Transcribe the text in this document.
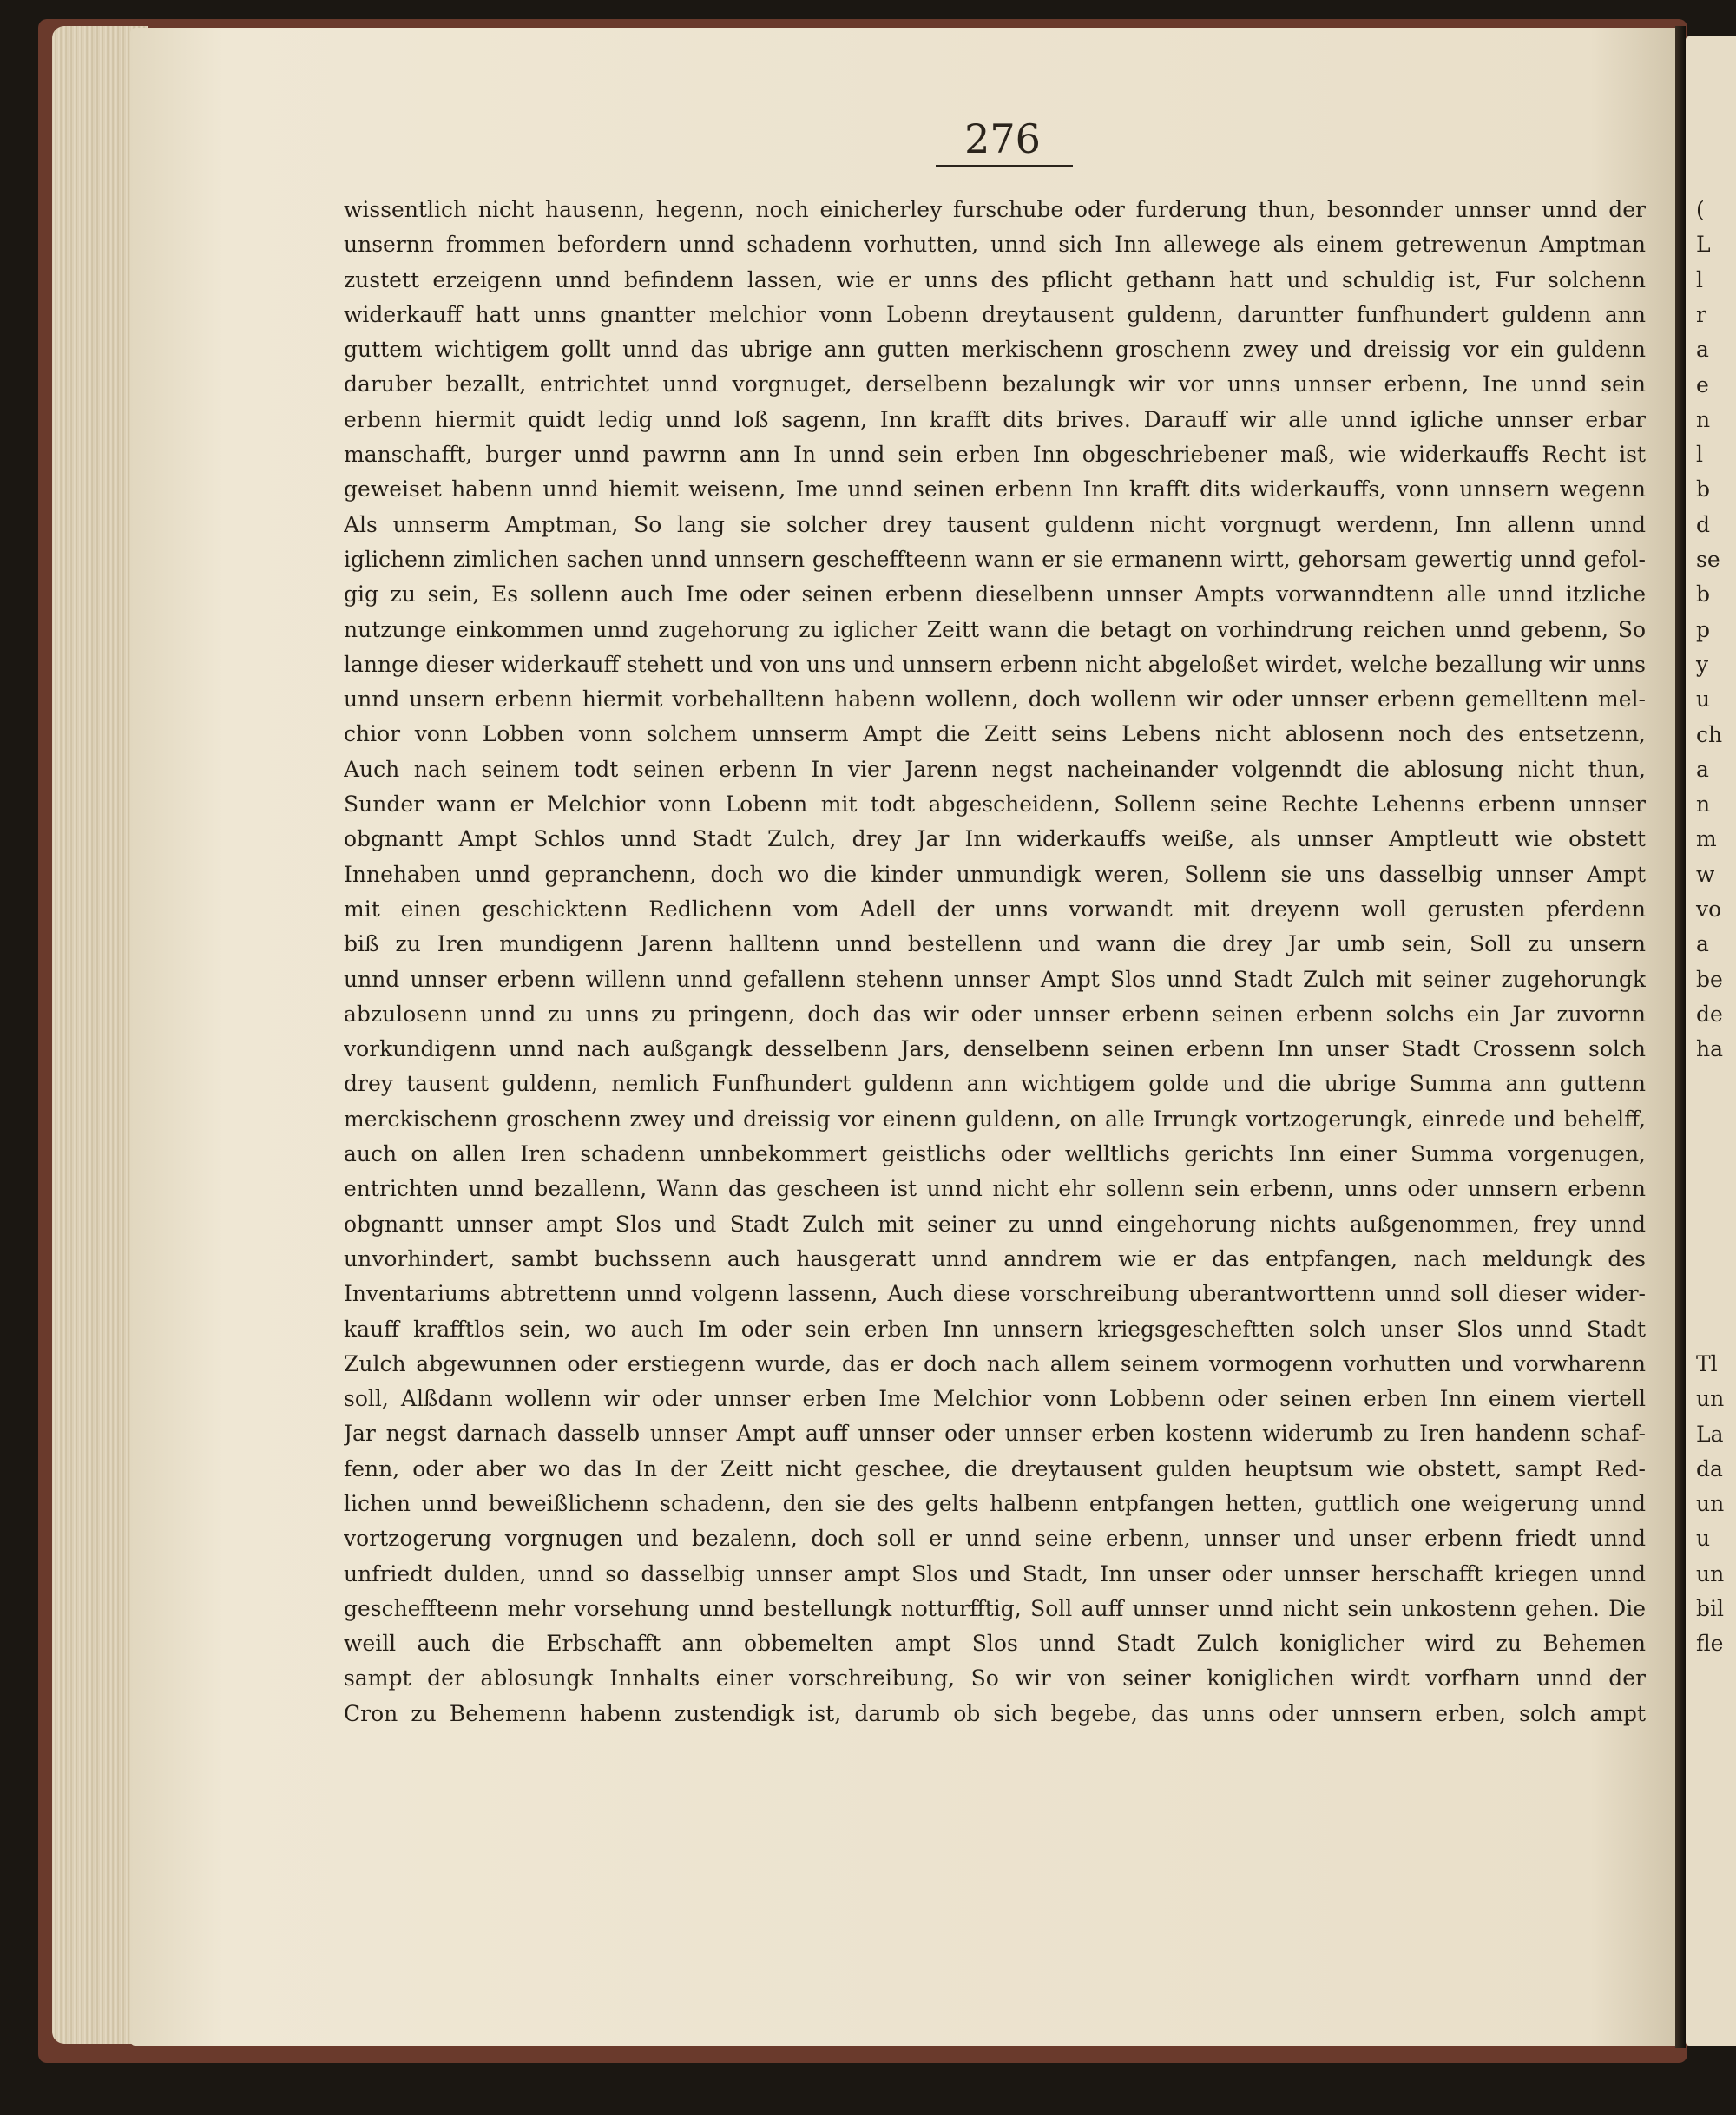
276
wissentlich nicht hausenn, hegenn, noch einicherley furschube oder furderung thun, besonnder unnser unnd der
unsernn frommen befordern unnd schadenn vorhutten, unnd sich Inn allewege als einem getrewenun Amptman
zustett erzeigenn unnd befindenn lassen, wie er unns des pflicht gethann hatt und schuldig ist, Fur solchenn
widerkauff hatt unns gnantter melchior vonn Lobenn dreytausent guldenn, daruntter funfhundert guldenn ann
guttem wichtigem gollt unnd das ubrige ann gutten merkischenn groschenn zwey und dreissig vor ein guldenn
daruber bezallt, entrichtet unnd vorgnuget, derselbenn bezalungk wir vor unns unnser erbenn, Ine unnd sein
erbenn hiermit quidt ledig unnd loß sagenn, Inn krafft dits brives. Darauff wir alle unnd igliche unnser erbar
manschafft, burger unnd pawrnn ann In unnd sein erben Inn obgeschriebener maß, wie widerkauffs Recht ist
geweiset habenn unnd hiemit weisenn, Ime unnd seinen erbenn Inn krafft dits widerkauffs, vonn unnsern wegenn
Als unnserm Amptman, So lang sie solcher drey tausent guldenn nicht vorgnugt werdenn, Inn allenn unnd
iglichenn zimlichen sachen unnd unnsern gescheffteenn wann er sie ermanenn wirtt, gehorsam gewertig unnd gefol-
gig zu sein, Es sollenn auch Ime oder seinen erbenn dieselbenn unnser Ampts vorwanndtenn alle unnd itzliche
nutzunge einkommen unnd zugehorung zu iglicher Zeitt wann die betagt on vorhindrung reichen unnd gebenn, So
lannge dieser widerkauff stehett und von uns und unnsern erbenn nicht abgeloßet wirdet, welche bezallung wir unns
unnd unsern erbenn hiermit vorbehalltenn habenn wollenn, doch wollenn wir oder unnser erbenn gemelltenn mel-
chior vonn Lobben vonn solchem unnserm Ampt die Zeitt seins Lebens nicht ablosenn noch des entsetzenn,
Auch nach seinem todt seinen erbenn In vier Jarenn negst nacheinander volgenndt die ablosung nicht thun,
Sunder wann er Melchior vonn Lobenn mit todt abgescheidenn, Sollenn seine Rechte Lehenns erbenn unnser
obgnantt Ampt Schlos unnd Stadt Zulch, drey Jar Inn widerkauffs weiße, als unnser Amptleutt wie obstett
Innehaben unnd gepranchenn, doch wo die kinder unmundigk weren, Sollenn sie uns dasselbig unnser Ampt
mit einen geschicktenn Redlichenn vom Adell der unns vorwandt mit dreyenn woll gerusten pferdenn
biß zu Iren mundigenn Jarenn halltenn unnd bestellenn und wann die drey Jar umb sein, Soll zu unsern
unnd unnser erbenn willenn unnd gefallenn stehenn unnser Ampt Slos unnd Stadt Zulch mit seiner zugehorungk
abzulosenn unnd zu unns zu pringenn, doch das wir oder unnser erbenn seinen erbenn solchs ein Jar zuvornn
vorkundigenn unnd nach außgangk desselbenn Jars, denselbenn seinen erbenn Inn unser Stadt Crossenn solch
drey tausent guldenn, nemlich Funfhundert guldenn ann wichtigem golde und die ubrige Summa ann guttenn
merckischenn groschenn zwey und dreissig vor einenn guldenn, on alle Irrungk vortzogerungk, einrede und behelff,
auch on allen Iren schadenn unnbekommert geistlichs oder welltlichs gerichts Inn einer Summa vorgenugen,
entrichten unnd bezallenn, Wann das gescheen ist unnd nicht ehr sollenn sein erbenn, unns oder unnsern erbenn
obgnantt unnser ampt Slos und Stadt Zulch mit seiner zu unnd eingehorung nichts außgenommen, frey unnd
unvorhindert, sambt buchssenn auch hausgeratt unnd anndrem wie er das entpfangen, nach meldungk des
Inventariums abtrettenn unnd volgenn lassenn, Auch diese vorschreibung uberantworttenn unnd soll dieser wider-
kauff krafftlos sein, wo auch Im oder sein erben Inn unnsern kriegsgescheftten solch unser Slos unnd Stadt
Zulch abgewunnen oder erstiegenn wurde, das er doch nach allem seinem vormogenn vorhutten und vorwharenn
soll, Alßdann wollenn wir oder unnser erben Ime Melchior vonn Lobbenn oder seinen erben Inn einem viertell
Jar negst darnach dasselb unnser Ampt auff unnser oder unnser erben kostenn widerumb zu Iren handenn schaf-
fenn, oder aber wo das In der Zeitt nicht geschee, die dreytausent gulden heuptsum wie obstett, sampt Red-
lichen unnd beweißlichenn schadenn, den sie des gelts halbenn entpfangen hetten, guttlich one weigerung unnd
vortzogerung vorgnugen und bezalenn, doch soll er unnd seine erbenn, unnser und unser erbenn friedt unnd
unfriedt dulden, unnd so dasselbig unnser ampt Slos und Stadt, Inn unser oder unnser herschafft kriegen unnd
gescheffteenn mehr vorsehung unnd bestellungk notturfftig, Soll auff unnser unnd nicht sein unkostenn gehen. Die
weill auch die Erbschafft ann obbemelten ampt Slos unnd Stadt Zulch koniglicher wird zu Behemen
sampt der ablosungk Innhalts einer vorschreibung, So wir von seiner koniglichen wirdt vorfharn unnd der
Cron zu Behemenn habenn zustendigk ist, darumb ob sich begebe, das unns oder unnsern erben, solch ampt
(
L
l
r
a
e
n
l
b
d
se
b
p
y
u
ch
a
n
m
w
vo
a
be
de
ha
Tl
un
La
da
un
u
un
bil
fle
